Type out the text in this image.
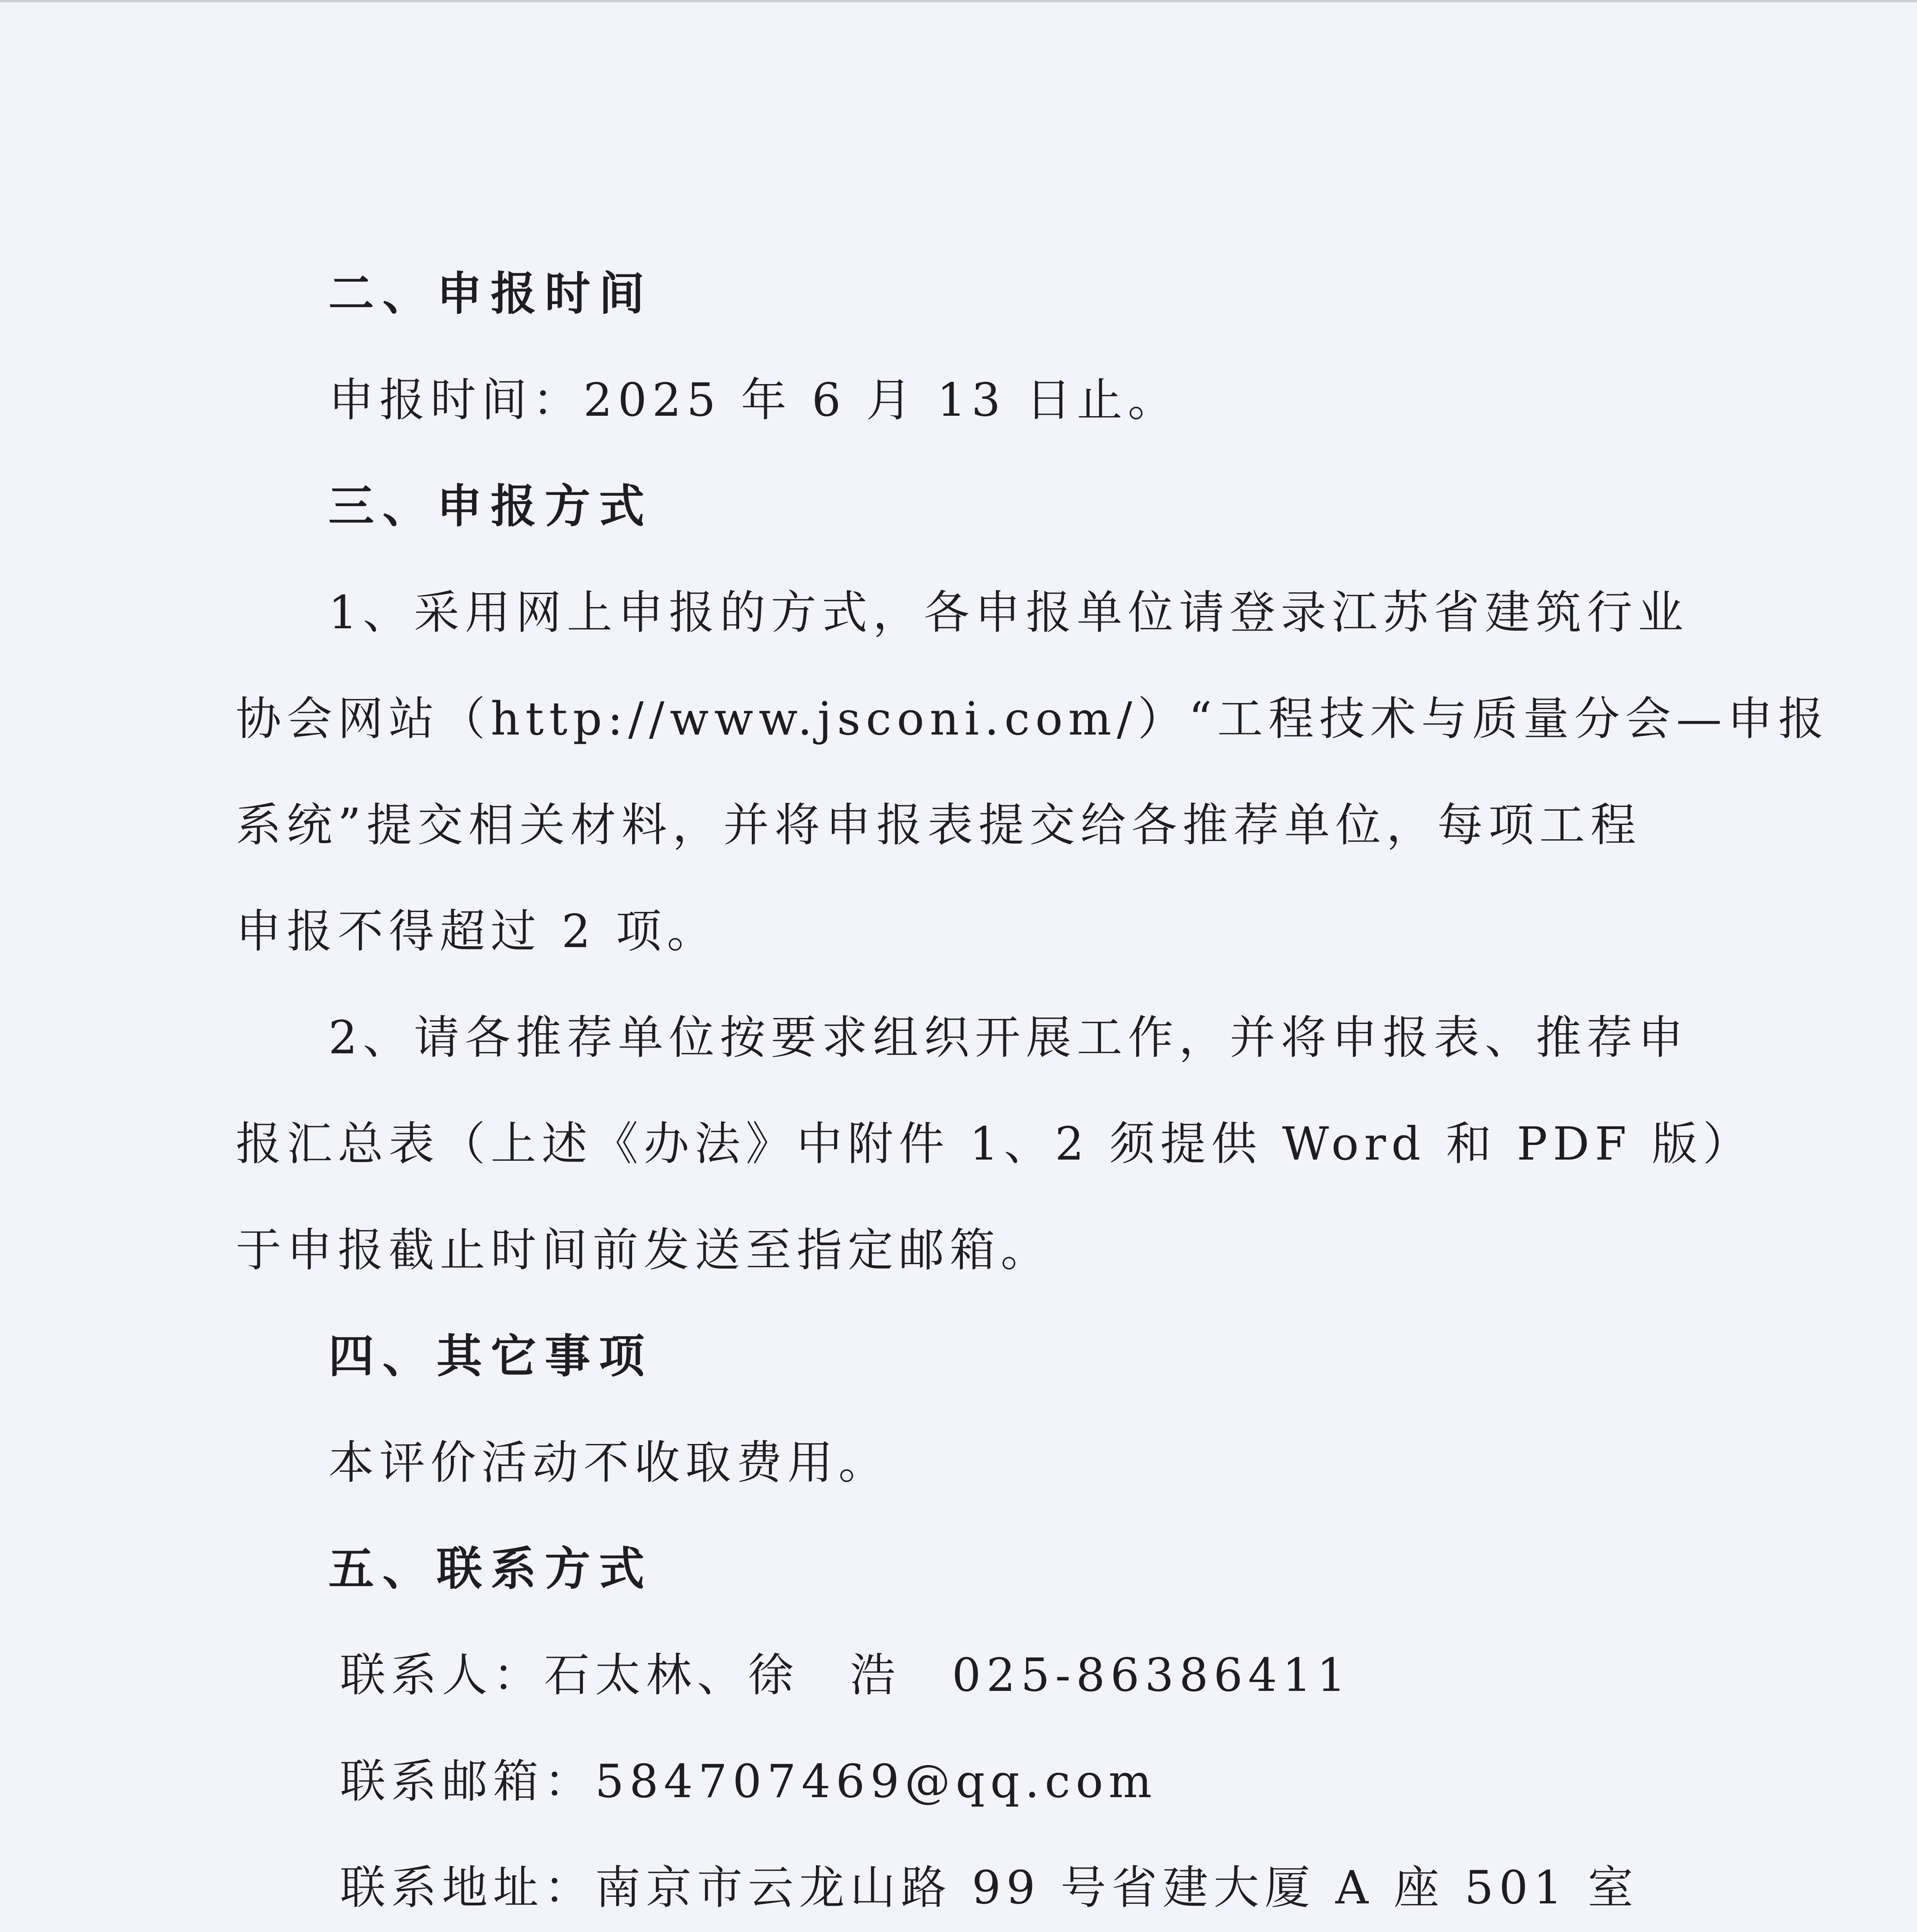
二、申报时间
申报时间：2025 年 6 月 13 日止。
三、申报方式
1、采用网上申报的方式，各申报单位请登录江苏省建筑行业
协会网站（http://www.jsconi.com/）“工程技术与质量分会—申报
系统”提交相关材料，并将申报表提交给各推荐单位，每项工程
申报不得超过 2 项。
2、请各推荐单位按要求组织开展工作，并将申报表、推荐申
报汇总表（上述《办法》中附件 1、2 须提供 Word 和 PDF 版）
于申报截止时间前发送至指定邮箱。
四、其它事项
本评价活动不收取费用。
五、联系方式
联系人：石太林、徐　浩　025-86386411
联系邮箱：584707469@qq.com
联系地址：南京市云龙山路 99 号省建大厦 A 座 501 室
